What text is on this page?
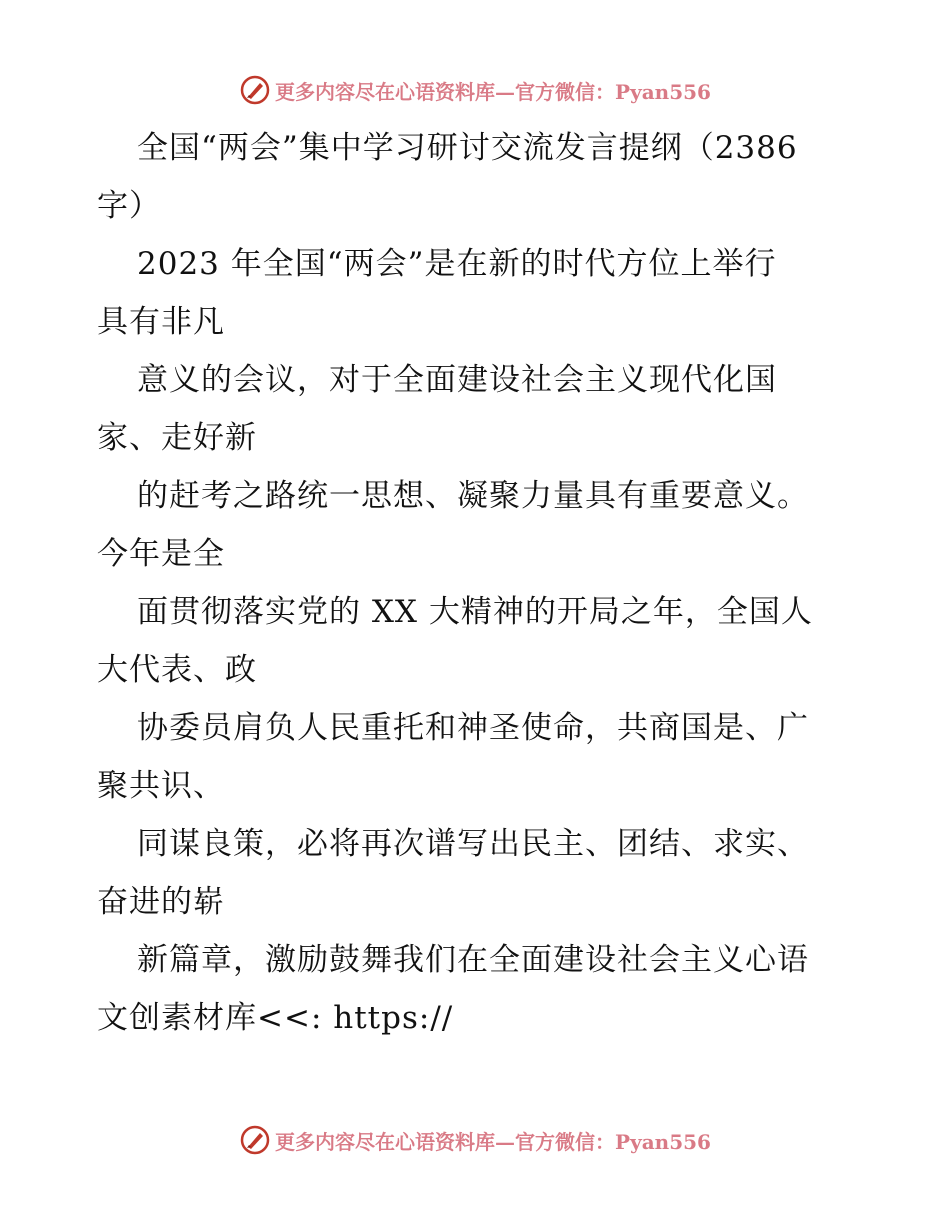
更多内容尽在心语资料库—官方微信：Pyan556
全国“两会”集中学习研讨交流发言提纲（2386
字）
2023 年全国“两会”是在新的时代方位上举行
具有非凡
意义的会议，对于全面建设社会主义现代化国
家、走好新
的赶考之路统一思想、凝聚力量具有重要意义。
今年是全
面贯彻落实党的 XX 大精神的开局之年，全国人
大代表、政
协委员肩负人民重托和神圣使命，共商国是、广
聚共识、
同谋良策，必将再次谱写出民主、团结、求实、
奋进的崭
新篇章，激励鼓舞我们在全面建设社会主义心语
文创素材库<<: https://
更多内容尽在心语资料库—官方微信：Pyan556
